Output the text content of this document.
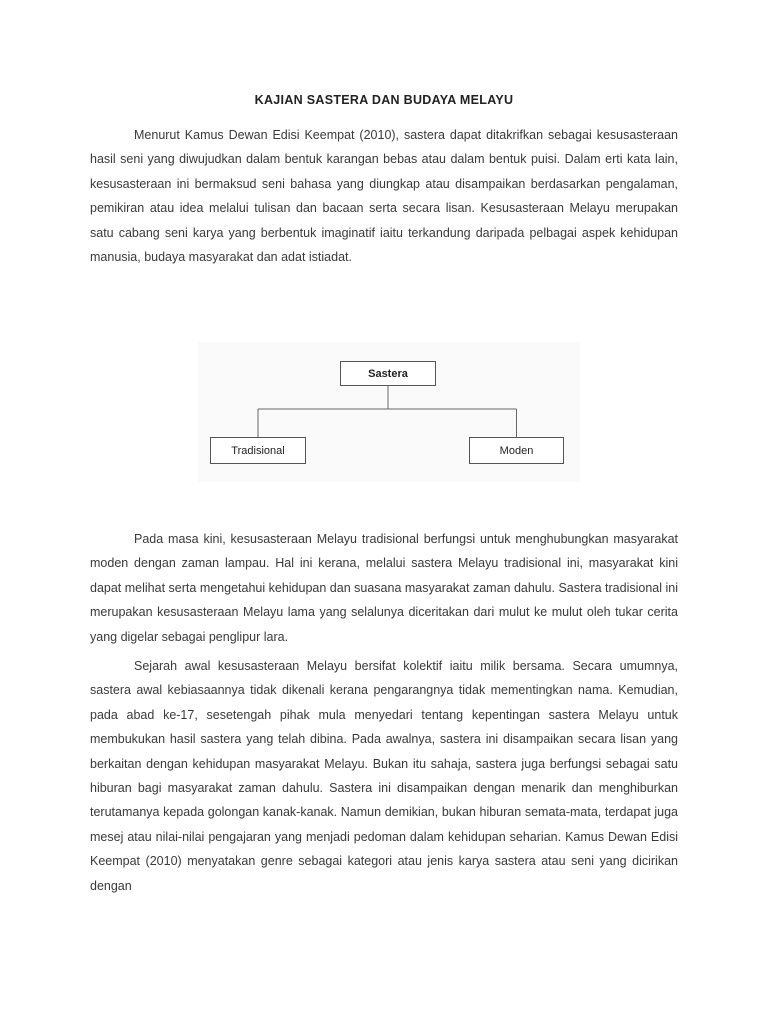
KAJIAN SASTERA DAN BUDAYA MELAYU

Menurut Kamus Dewan Edisi Keempat (2010), sastera dapat ditakrifkan sebagai kesusasteraan hasil seni yang diwujudkan dalam bentuk karangan bebas atau dalam bentuk puisi. Dalam erti kata lain, kesusasteraan ini bermaksud seni bahasa yang diungkap atau disampaikan berdasarkan pengalaman, pemikiran atau idea melalui tulisan dan bacaan serta secara lisan. Kesusasteraan Melayu merupakan satu cabang seni karya yang berbentuk imaginatif iaitu terkandung daripada pelbagai aspek kehidupan manusia, budaya masyarakat dan adat istiadat.

Sastera
Tradisional	Moden

Pada masa kini, kesusasteraan Melayu tradisional berfungsi untuk menghubungkan masyarakat moden dengan zaman lampau. Hal ini kerana, melalui sastera Melayu tradisional ini, masyarakat kini dapat melihat serta mengetahui kehidupan dan suasana masyarakat zaman dahulu. Sastera tradisional ini merupakan kesusasteraan Melayu lama yang selalunya diceritakan dari mulut ke mulut oleh tukar cerita yang digelar sebagai penglipur lara.

Sejarah awal kesusasteraan Melayu bersifat kolektif iaitu milik bersama. Secara umumnya, sastera awal kebiasaannya tidak dikenali kerana pengarangnya tidak mementingkan nama. Kemudian, pada abad ke-17, sesetengah pihak mula menyedari tentang kepentingan sastera Melayu untuk membukukan hasil sastera yang telah dibina. Pada awalnya, sastera ini disampaikan secara lisan yang berkaitan dengan kehidupan masyarakat Melayu. Bukan itu sahaja, sastera juga berfungsi sebagai satu hiburan bagi masyarakat zaman dahulu. Sastera ini disampaikan dengan menarik dan menghiburkan terutamanya kepada golongan kanak-kanak. Namun demikian, bukan hiburan semata-mata, terdapat juga mesej atau nilai-nilai pengajaran yang menjadi pedoman dalam kehidupan seharian. Kamus Dewan Edisi Keempat (2010) menyatakan genre sebagai kategori atau jenis karya sastera atau seni yang dicirikan dengan
